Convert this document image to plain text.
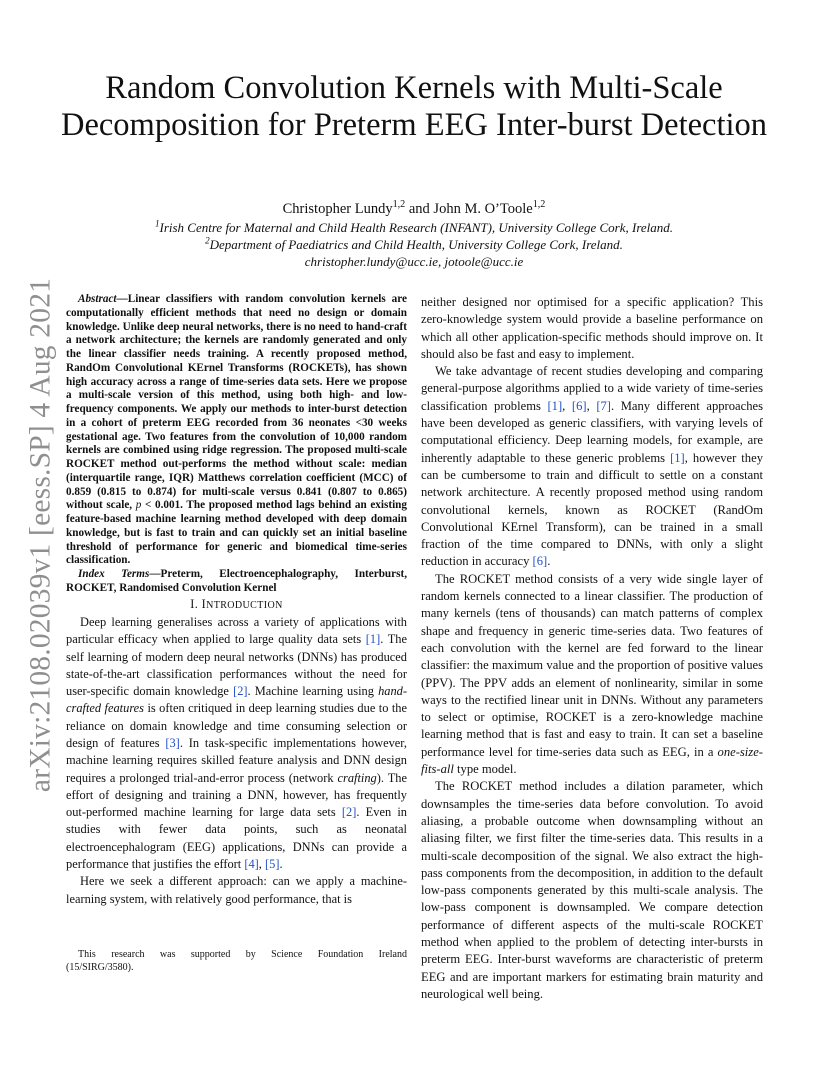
arXiv:2108.02039v1 [eess.SP] 4 Aug 2021
Random Convolution Kernels with Multi-Scale Decomposition for Preterm EEG Inter-burst Detection
Christopher Lundy$^{1,2}$ and John M. O’Toole$^{1,2}$
$^1$Irish Centre for Maternal and Child Health Research (INFANT), University College Cork, Ireland.
$^2$Department of Paediatrics and Child Health, University College Cork, Ireland.
christopher.lundy@ucc.ie, jotoole@ucc.ie

Abstract—Linear classifiers with random convolution kernels are computationally efficient methods that need no design or domain knowledge. Unlike deep neural networks, there is no need to hand-craft a network architecture; the kernels are randomly generated and only the linear classifier needs training. A recently proposed method, RandOm Convolutional KErnel Transforms (ROCKETs), has shown high accuracy across a range of time-series data sets. Here we propose a multi-scale version of this method, using both high- and low-frequency components. We apply our methods to inter-burst detection in a cohort of preterm EEG recorded from 36 neonates <30 weeks gestational age. Two features from the convolution of 10,000 random kernels are combined using ridge regression. The proposed multi-scale ROCKET method out-performs the method without scale: median (interquartile range, IQR) Matthews correlation coefficient (MCC) of 0.859 (0.815 to 0.874) for multi-scale versus 0.841 (0.807 to 0.865) without scale, p < 0.001. The proposed method lags behind an existing feature-based machine learning method developed with deep domain knowledge, but is fast to train and can quickly set an initial baseline threshold of performance for generic and biomedical time-series classification.

Index Terms—Preterm, Electroencephalography, Interburst, ROCKET, Randomised Convolution Kernel

I. INTRODUCTION

Deep learning generalises across a variety of applications with particular efficacy when applied to large quality data sets [1]. The self learning of modern deep neural networks (DNNs) has produced state-of-the-art classification performances without the need for user-specific domain knowledge [2]. Machine learning using hand-crafted features is often critiqued in deep learning studies due to the reliance on domain knowledge and time consuming selection or design of features [3]. In task-specific implementations however, machine learning requires skilled feature analysis and DNN design requires a prolonged trial-and-error process (network crafting). The effort of designing and training a DNN, however, has frequently out-performed machine learning for large data sets [2]. Even in studies with fewer data points, such as neonatal electroencephalogram (EEG) applications, DNNs can provide a performance that justifies the effort [4], [5].

Here we seek a different approach: can we apply a machine-learning system, with relatively good performance, that is

This research was supported by Science Foundation Ireland
(15/SIRG/3580).

neither designed nor optimised for a specific application? This zero-knowledge system would provide a baseline performance on which all other application-specific methods should improve on. It should also be fast and easy to implement.

We take advantage of recent studies developing and comparing general-purpose algorithms applied to a wide variety of time-series classification problems [1], [6], [7]. Many different approaches have been developed as generic classifiers, with varying levels of computational efficiency. Deep learning models, for example, are inherently adaptable to these generic problems [1], however they can be cumbersome to train and difficult to settle on a constant network architecture. A recently proposed method using random convolutional kernels, known as ROCKET (RandOm Convolutional KErnel Transform), can be trained in a small fraction of the time compared to DNNs, with only a slight reduction in accuracy [6].

The ROCKET method consists of a very wide single layer of random kernels connected to a linear classifier. The production of many kernels (tens of thousands) can match patterns of complex shape and frequency in generic time-series data. Two features of each convolution with the kernel are fed forward to the linear classifier: the maximum value and the proportion of positive values (PPV). The PPV adds an element of nonlinearity, similar in some ways to the rectified linear unit in DNNs. Without any parameters to select or optimise, ROCKET is a zero-knowledge machine learning method that is fast and easy to train. It can set a baseline performance level for time-series data such as EEG, in a one-size-fits-all type model.

The ROCKET method includes a dilation parameter, which downsamples the time-series data before convolution. To avoid aliasing, a probable outcome when downsampling without an aliasing filter, we first filter the time-series data. This results in a multi-scale decomposition of the signal. We also extract the high-pass components from the decomposition, in addition to the default low-pass components generated by this multi-scale analysis. The low-pass component is downsampled. We compare detection performance of different aspects of the multi-scale ROCKET method when applied to the problem of detecting inter-bursts in preterm EEG. Inter-burst waveforms are characteristic of preterm EEG and are important markers for estimating brain maturity and neurological well being.
